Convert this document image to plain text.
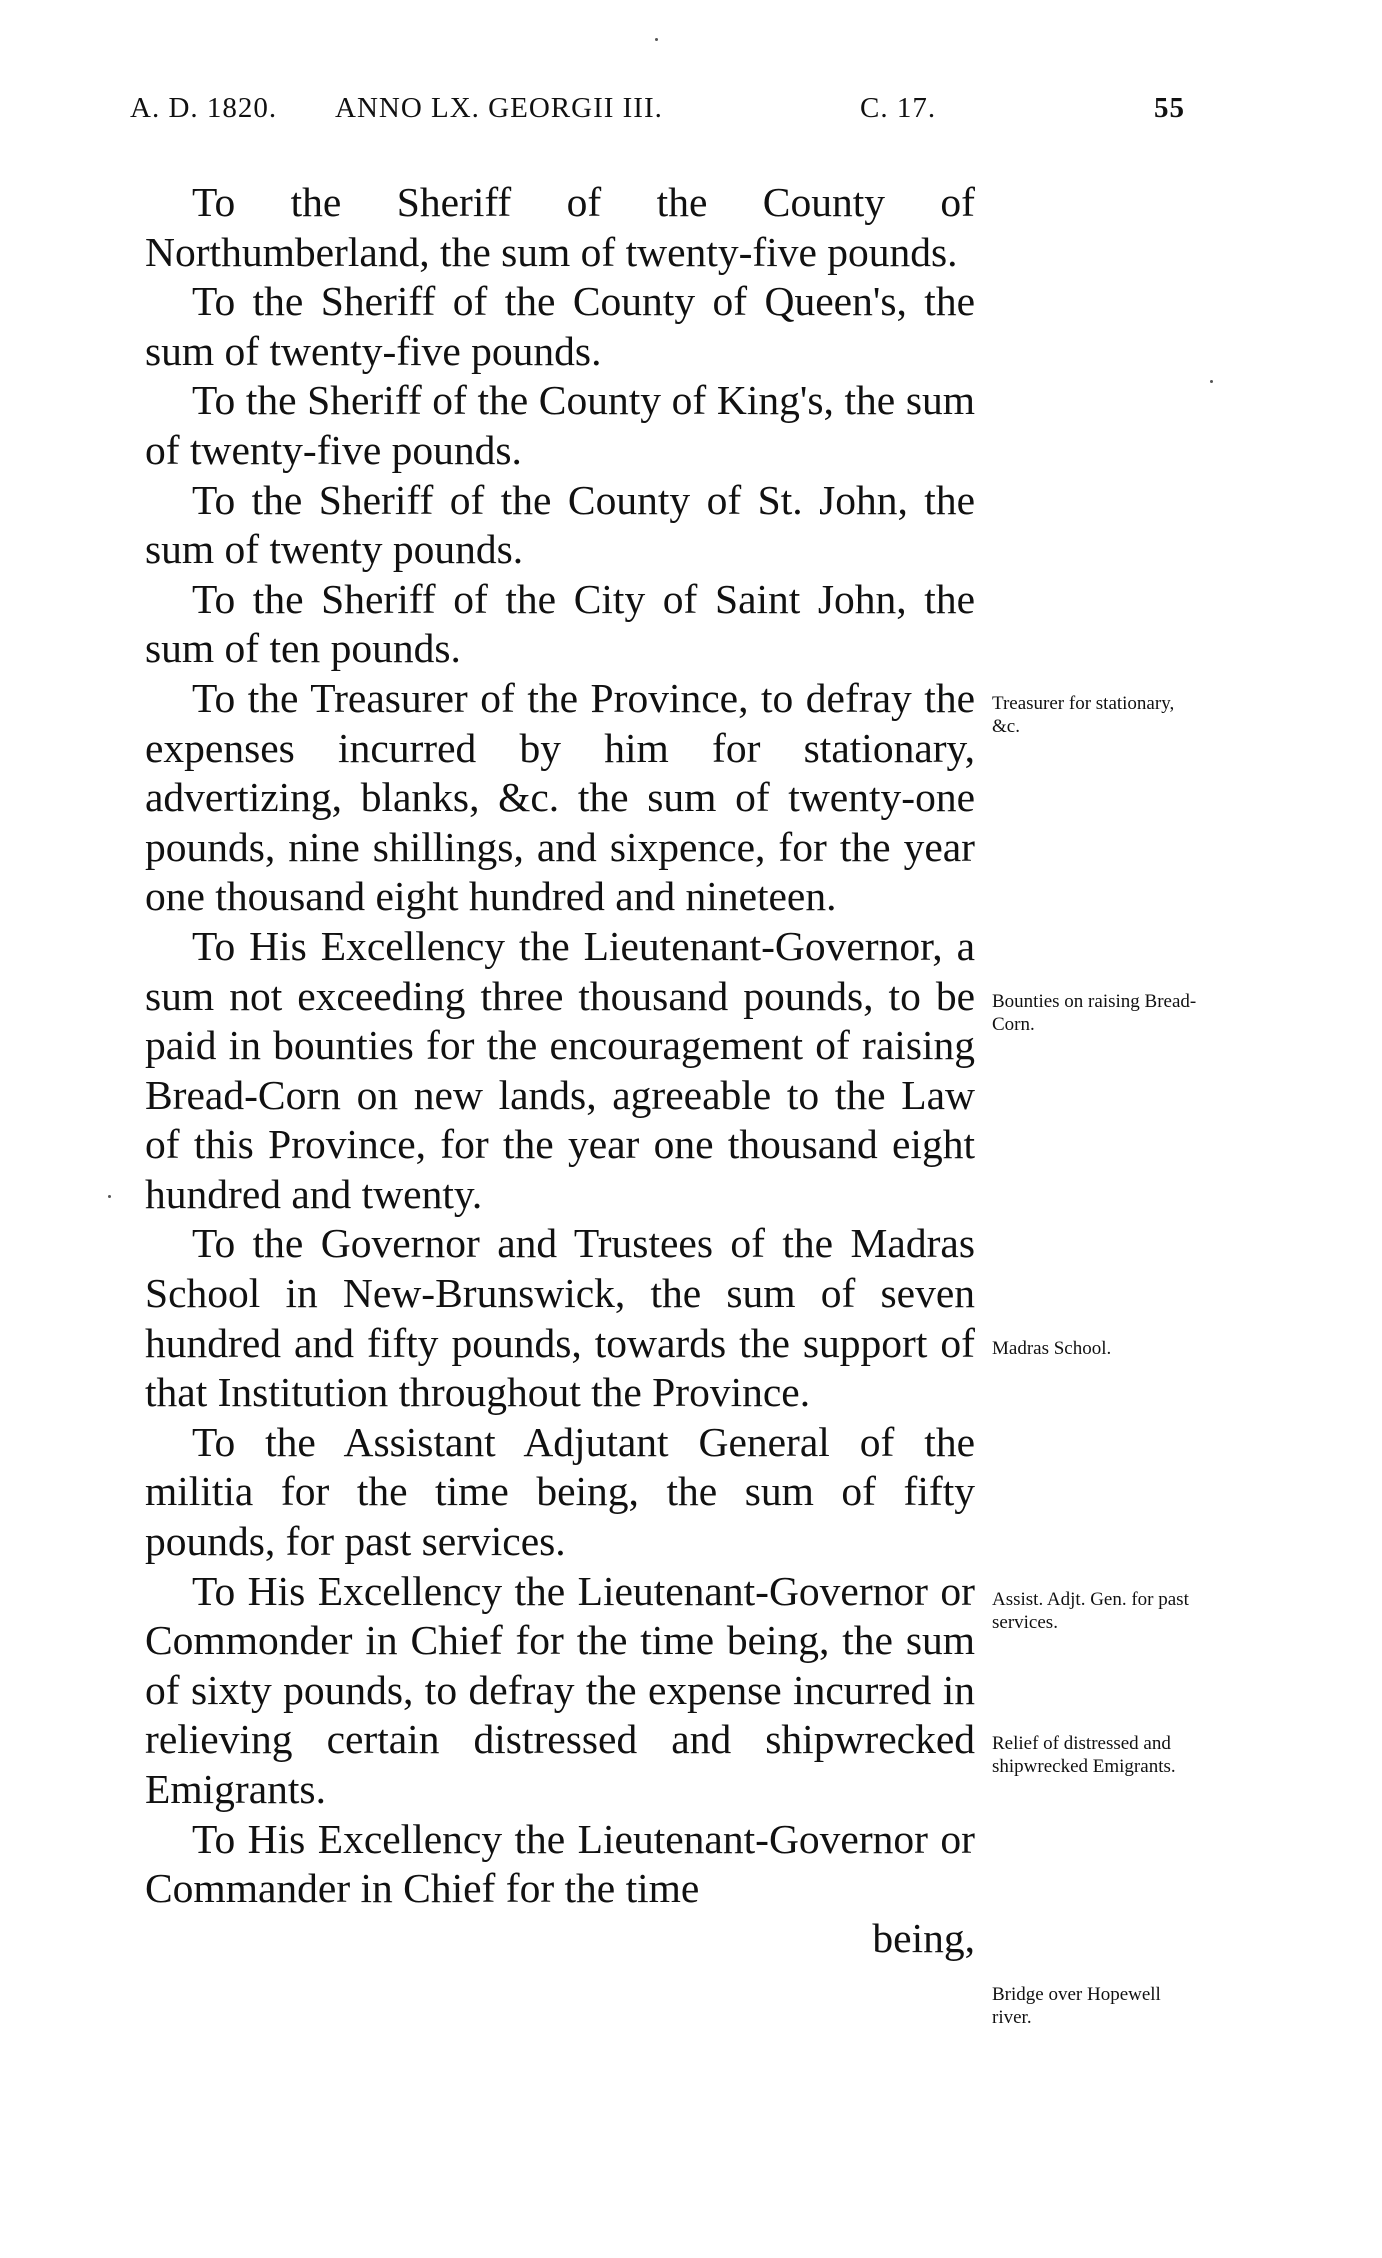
A. D. 1820. ANNO LX. GEORGII III.	C. 17.	55

To the Sheriff of the County of Northumberland, the sum of twenty-five pounds.

To the Sheriff of the County of Queen's, the sum of twenty-five pounds.

To the Sheriff of the County of King's, the sum of twenty-five pounds.

To the Sheriff of the County of St. John, the sum of twenty pounds.

To the Sheriff of the City of Saint John, the sum of ten pounds.

To the Treasurer of the Province, to defray the expenses incurred by him for stationary, advertizing, blanks, &c. the sum of twenty-one pounds, nine shillings, and sixpence, for the year one thousand eight hundred and nineteen.

To His Excellency the Lieutenant-Governor, a sum not exceeding three thousand pounds, to be paid in bounties for the encouragement of raising Bread-Corn on new lands, agreeable to the Law of this Province, for the year one thousand eight hundred and twenty.

To the Governor and Trustees of the Madras School in New-Brunswick, the sum of seven hundred and fifty pounds, towards the support of that Institution throughout the Province.

To the Assistant Adjutant General of the militia for the time being, the sum of fifty pounds, for past services.

To His Excellency the Lieutenant-Governor or Commonder in Chief for the time being, the sum of sixty pounds, to defray the expense incurred in relieving certain distressed and shipwrecked Emigrants.

To His Excellency the Lieutenant-Governor or Commander in Chief for the time

being,

Treasurer for stationary, &c.
Bounties on raising Bread-Corn.
Madras School.
Assist. Adjt. Gen. for past services.
Relief of distressed and shipwrecked Emigrants.
Bridge over Hopewell river.
